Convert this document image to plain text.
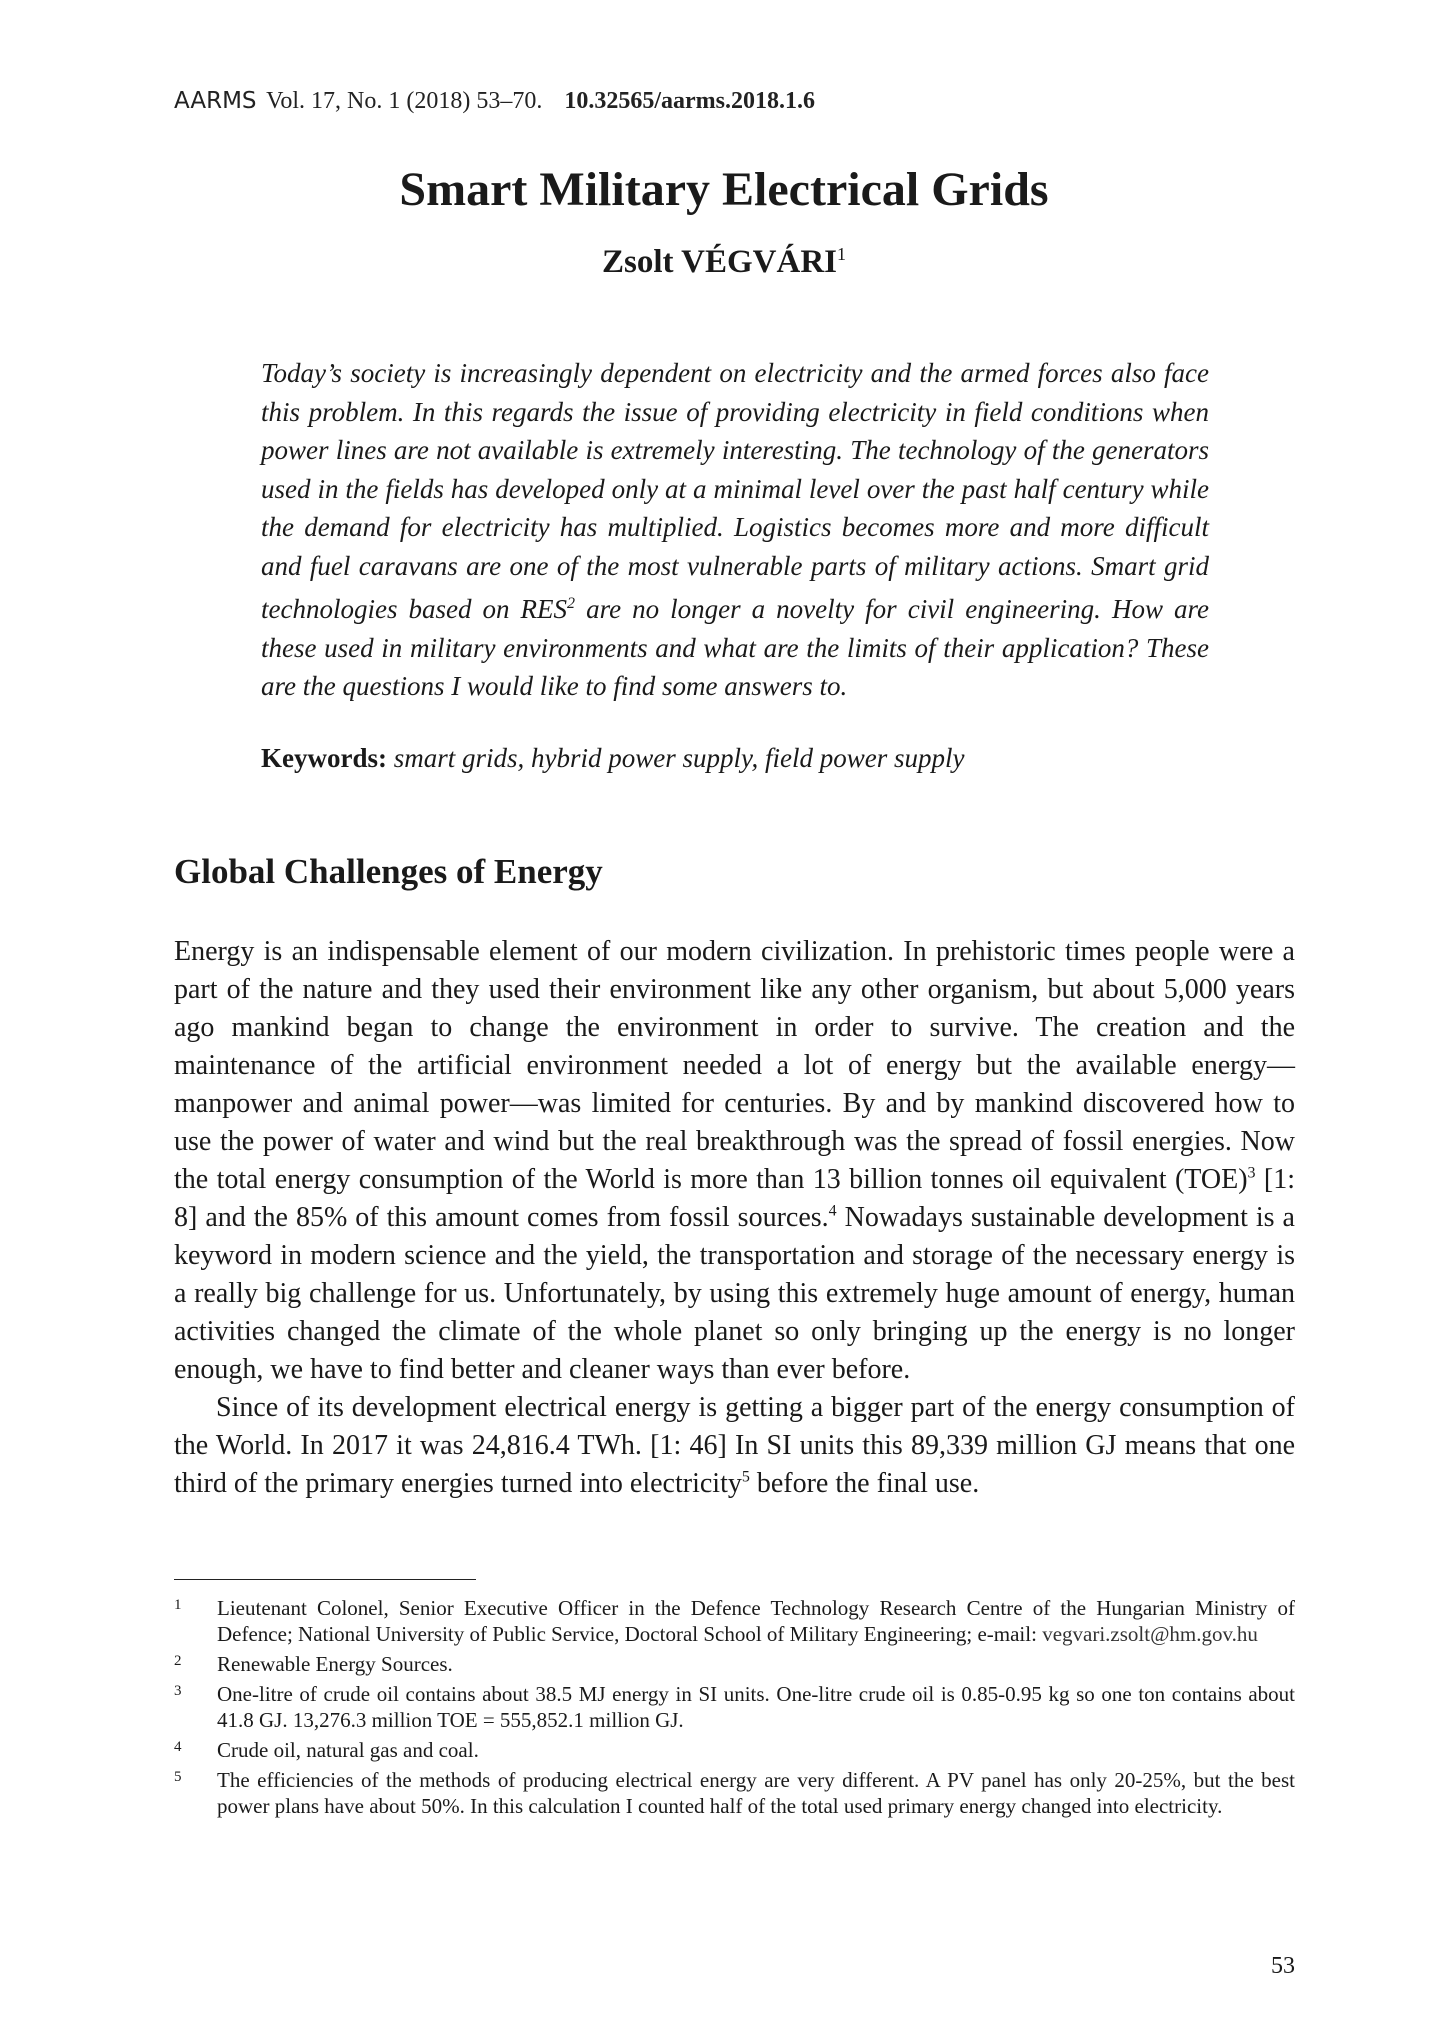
AARMS Vol. 17, No. 1 (2018) 53–70. 10.32565/aarms.2018.1.6
Smart Military Electrical Grids
Zsolt VÉGVÁRI$^1$

Today’s society is increasingly dependent on electricity and the armed forces also face this problem. In this regards the issue of providing electricity in field conditions when power lines are not available is extremely interesting. The technology of the generators used in the fields has developed only at a minimal level over the past half century while the demand for electricity has multiplied. Logistics becomes more and more difficult and fuel caravans are one of the most vulnerable parts of military actions. Smart grid technologies based on RES$^2$ are no longer a novelty for civil engineering. How are these used in military environments and what are the limits of their application? These are the questions I would like to find some answers to.

Keywords: smart grids, hybrid power supply, field power supply

Global Challenges of Energy

Energy is an indispensable element of our modern civilization. In prehistoric times people were a part of the nature and they used their environment like any other organism, but about 5,000 years ago mankind began to change the environment in order to survive. The creation and the maintenance of the artificial environment needed a lot of energy but the available energy—manpower and animal power—was limited for centuries. By and by mankind discovered how to use the power of water and wind but the real breakthrough was the spread of fossil energies. Now the total energy consumption of the World is more than 13 billion tonnes oil equivalent (TOE)$^3$ [1: 8] and the 85% of this amount comes from fossil sources.$^4$ Nowadays sustainable development is a keyword in modern science and the yield, the transportation and storage of the necessary energy is a really big challenge for us. Unfortunately, by using this extremely huge amount of energy, human activities changed the climate of the whole planet so only bringing up the energy is no longer enough, we have to find better and cleaner ways than ever before.

Since of its development electrical energy is getting a bigger part of the energy consumption of the World. In 2017 it was 24,816.4 TWh. [1: 46] In SI units this 89,339 million GJ means that one third of the primary energies turned into electricity$^5$ before the final use.

1	Lieutenant Colonel, Senior Executive Officer in the Defence Technology Research Centre of the Hungarian Ministry of Defence; National University of Public Service, Doctoral School of Military Engineering; e-mail: vegvari.zsolt@hm.gov.hu
2	Renewable Energy Sources.
3	One-litre of crude oil contains about 38.5 MJ energy in SI units. One-litre crude oil is 0.85-0.95 kg so one ton contains about 41.8 GJ. 13,276.3 million TOE = 555,852.1 million GJ.
4	Crude oil, natural gas and coal.
5	The efficiencies of the methods of producing electrical energy are very different. A PV panel has only 20-25%, but the best power plans have about 50%. In this calculation I counted half of the total used primary energy changed into electricity.
53
